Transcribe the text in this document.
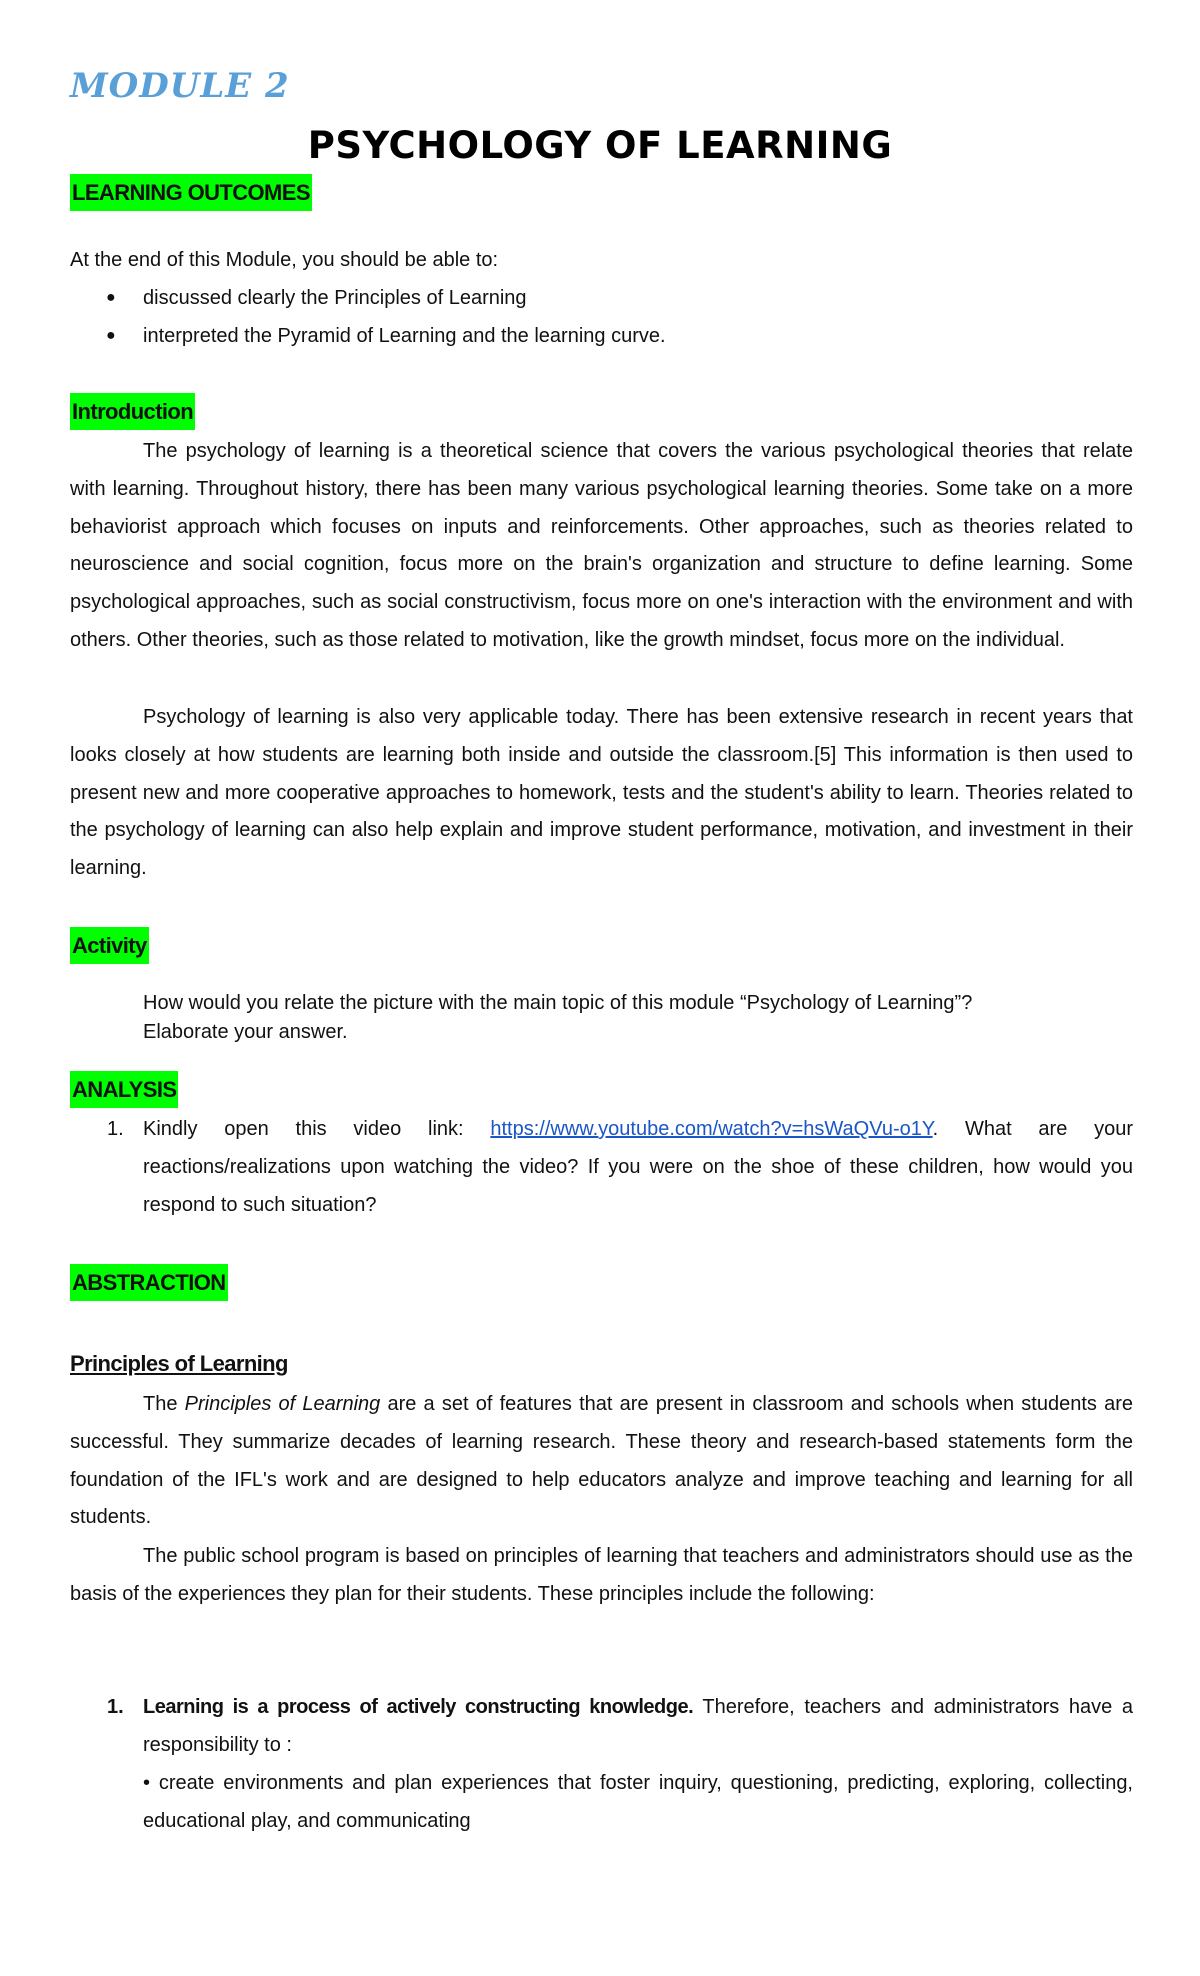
MODULE 2
PSYCHOLOGY OF LEARNING
LEARNING OUTCOMES
At the end of this Module, you should be able to:
● discussed clearly the Principles of Learning
● interpreted the Pyramid of Learning and the learning curve.
Introduction
The psychology of learning is a theoretical science that covers the various psychological theories that relate with learning. Throughout history, there has been many various psychological learning theories. Some take on a more behaviorist approach which focuses on inputs and reinforcements. Other approaches, such as theories related to neuroscience and social cognition, focus more on the brain's organization and structure to define learning. Some psychological approaches, such as social constructivism, focus more on one's interaction with the environment and with others. Other theories, such as those related to motivation, like the growth mindset, focus more on the individual.
Psychology of learning is also very applicable today. There has been extensive research in recent years that looks closely at how students are learning both inside and outside the classroom.[5] This information is then used to present new and more cooperative approaches to homework, tests and the student's ability to learn. Theories related to the psychology of learning can also help explain and improve student performance, motivation, and investment in their learning.
Activity
How would you relate the picture with the main topic of this module “Psychology of Learning”?
Elaborate your answer.
ANALYSIS
1. Kindly open this video link: https://www.youtube.com/watch?v=hsWaQVu-o1Y. What are your reactions/realizations upon watching the video? If you were on the shoe of these children, how would you respond to such situation?
ABSTRACTION
Principles of Learning
The Principles of Learning are a set of features that are present in classroom and schools when students are successful. They summarize decades of learning research. These theory and research-based statements form the foundation of the IFL's work and are designed to help educators analyze and improve teaching and learning for all students.
The public school program is based on principles of learning that teachers and administrators should use as the basis of the experiences they plan for their students. These principles include the following:
1. Learning is a process of actively constructing knowledge. Therefore, teachers and administrators have a responsibility to :
• create environments and plan experiences that foster inquiry, questioning, predicting, exploring, collecting, educational play, and communicating
